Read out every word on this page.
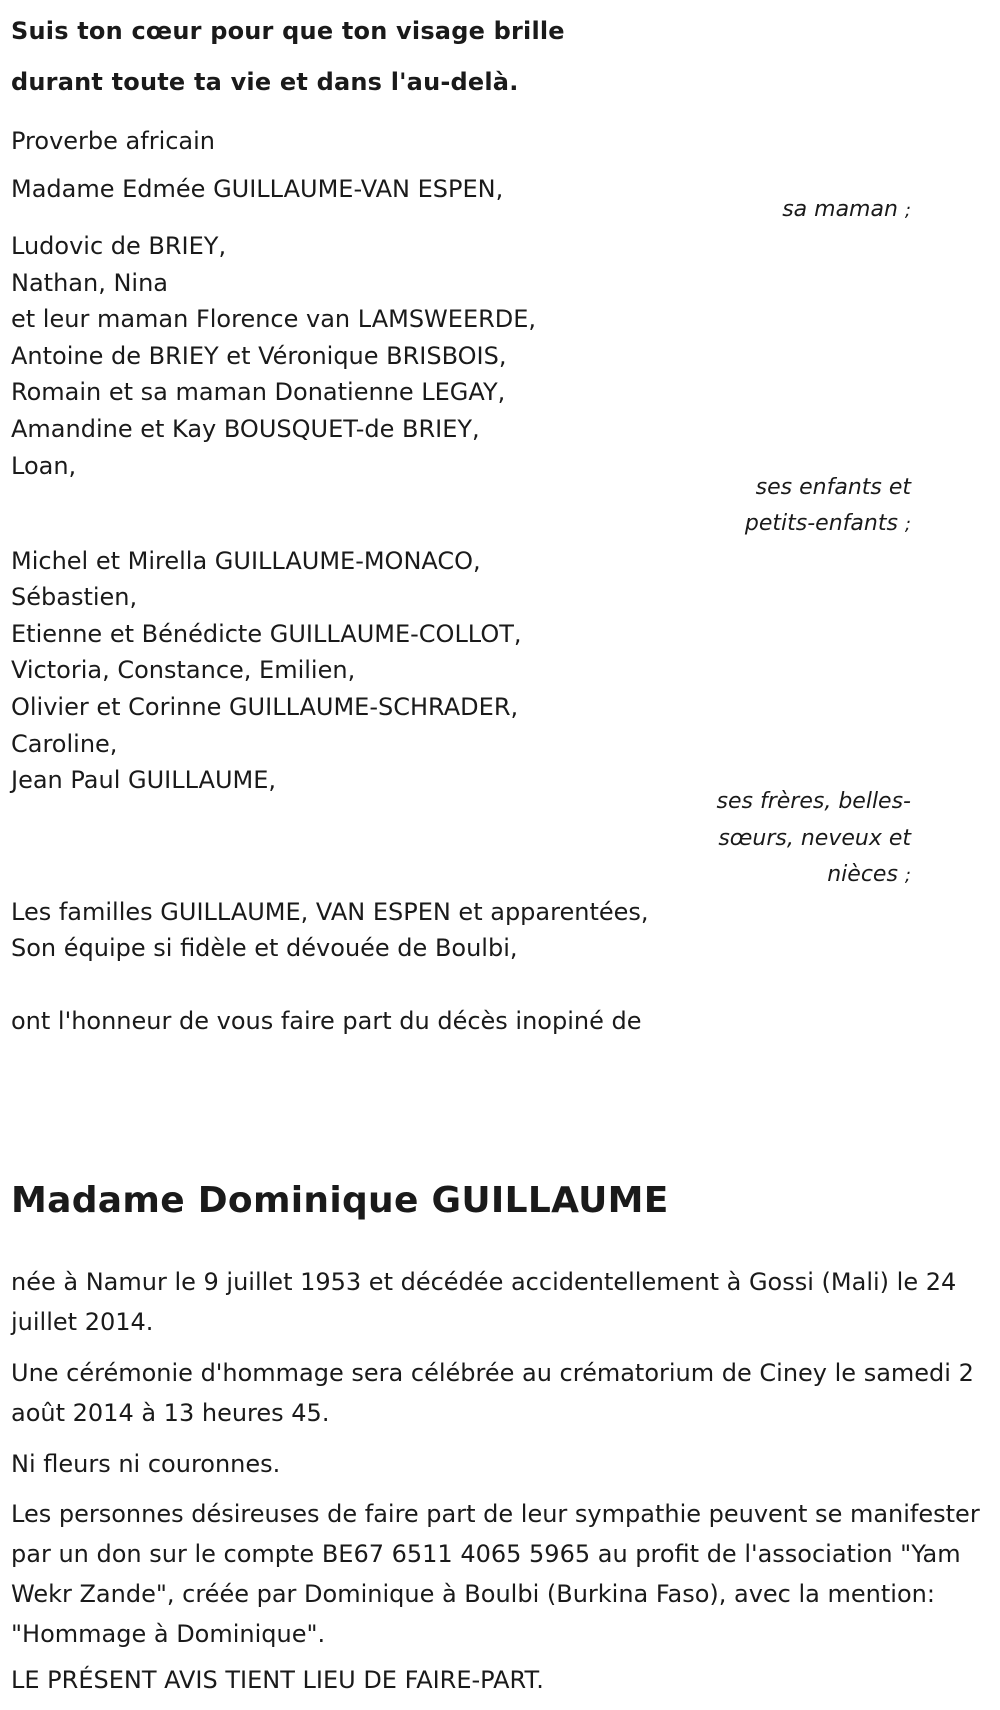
Suis ton cœur pour que ton visage brille
durant toute ta vie et dans l'au-delà.
Proverbe africain
Madame Edmée GUILLAUME-VAN ESPEN,
sa maman ;
Ludovic de BRIEY,
Nathan, Nina
et leur maman Florence van LAMSWEERDE,
Antoine de BRIEY et Véronique BRISBOIS,
Romain et sa maman Donatienne LEGAY,
Amandine et Kay BOUSQUET-de BRIEY,
Loan,
ses enfants et
petits-enfants ;
Michel et Mirella GUILLAUME-MONACO,
Sébastien,
Etienne et Bénédicte GUILLAUME-COLLOT,
Victoria, Constance, Emilien,
Olivier et Corinne GUILLAUME-SCHRADER,
Caroline,
Jean Paul GUILLAUME,
ses frères, belles-
sœurs, neveux et
nièces ;
Les familles GUILLAUME, VAN ESPEN et apparentées,
Son équipe si fidèle et dévouée de Boulbi,
ont l'honneur de vous faire part du décès inopiné de
Madame Dominique GUILLAUME
née à Namur le 9 juillet 1953 et décédée accidentellement à Gossi (Mali) le 24 juillet 2014.
Une cérémonie d'hommage sera célébrée au crématorium de Ciney le samedi 2 août 2014 à 13 heures 45.
Ni fleurs ni couronnes.
Les personnes désireuses de faire part de leur sympathie peuvent se manifester par un don sur le compte BE67 6511 4065 5965 au profit de l'association "Yam Wekr Zande", créée par Dominique à Boulbi (Burkina Faso), avec la mention: "Hommage à Dominique".
LE PRÉSENT AVIS TIENT LIEU DE FAIRE-PART.
